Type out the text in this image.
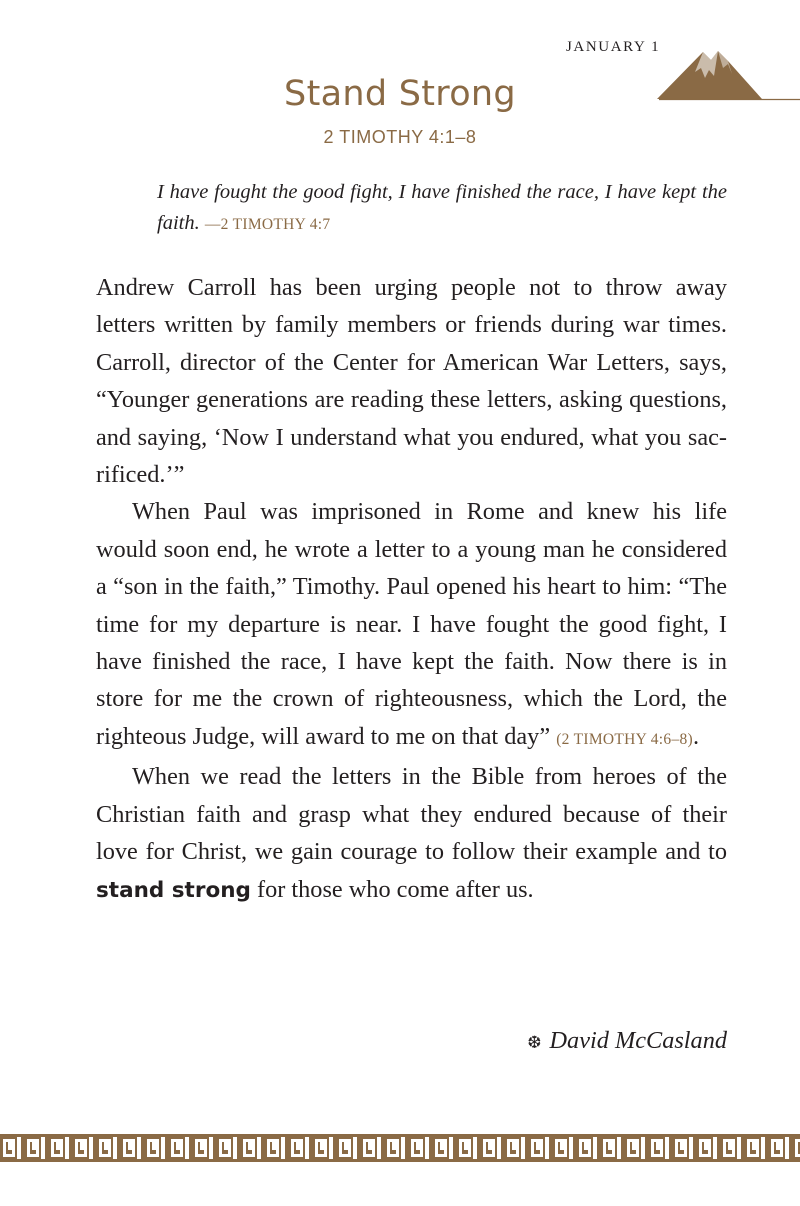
JANUARY 1
Stand Strong
2 TIMOTHY 4:1–8
I have fought the good fight, I have finished the race, I have kept the faith. —2 TIMOTHY 4:7

Andrew Carroll has been urging people not to throw away letters written by family members or friends during war times. Carroll, director of the Center for American War Letters, says, “Younger generations are reading these letters, asking questions, and saying, ‘Now I understand what you endured, what you sacrificed.’”

When Paul was imprisoned in Rome and knew his life would soon end, he wrote a letter to a young man he considered a “son in the faith,” Timothy. Paul opened his heart to him: “The time for my departure is near. I have fought the good fight, I have finished the race, I have kept the faith. Now there is in store for me the crown of righteousness, which the Lord, the righteous Judge, will award to me on that day” (2 TIMOTHY 4:6–8).

When we read the letters in the Bible from heroes of the Christian faith and grasp what they endured because of their love for Christ, we gain courage to follow their example and to stand strong for those who come after us.

❆ David McCasland
